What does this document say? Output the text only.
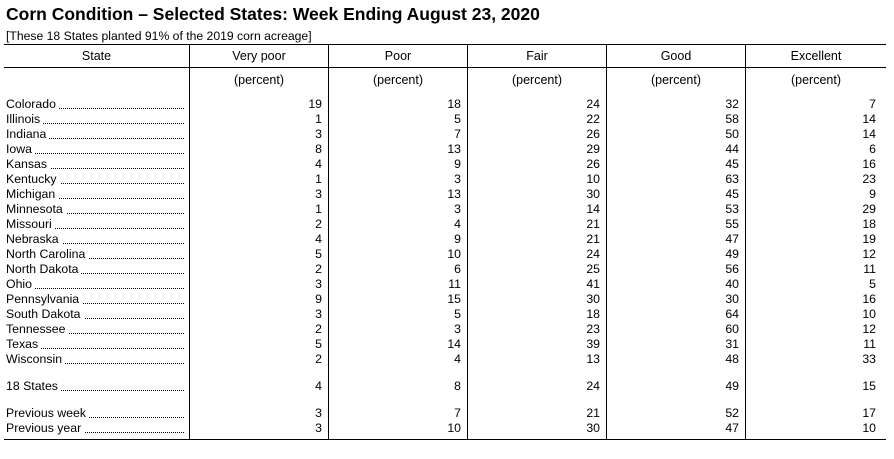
Corn Condition – Selected States: Week Ending August 23, 2020
[These 18 States planted 91% of the 2019 corn acreage]
State	Very poor	Poor	Fair	Good	Excellent
(percent)	(percent)	(percent)	(percent)	(percent)
Colorado	19	18	24	32	7
Illinois	1	5	22	58	14
Indiana	3	7	26	50	14
Iowa	8	13	29	44	6
Kansas	4	9	26	45	16
Kentucky	1	3	10	63	23
Michigan	3	13	30	45	9
Minnesota	1	3	14	53	29
Missouri	2	4	21	55	18
Nebraska	4	9	21	47	19
North Carolina	5	10	24	49	12
North Dakota	2	6	25	56	11
Ohio	3	11	41	40	5
Pennsylvania	9	15	30	30	16
South Dakota	3	5	18	64	10
Tennessee	2	3	23	60	12
Texas	5	14	39	31	11
Wisconsin	2	4	13	48	33
18 States	4	8	24	49	15
Previous week	3	7	21	52	17
Previous year	3	10	30	47	10
